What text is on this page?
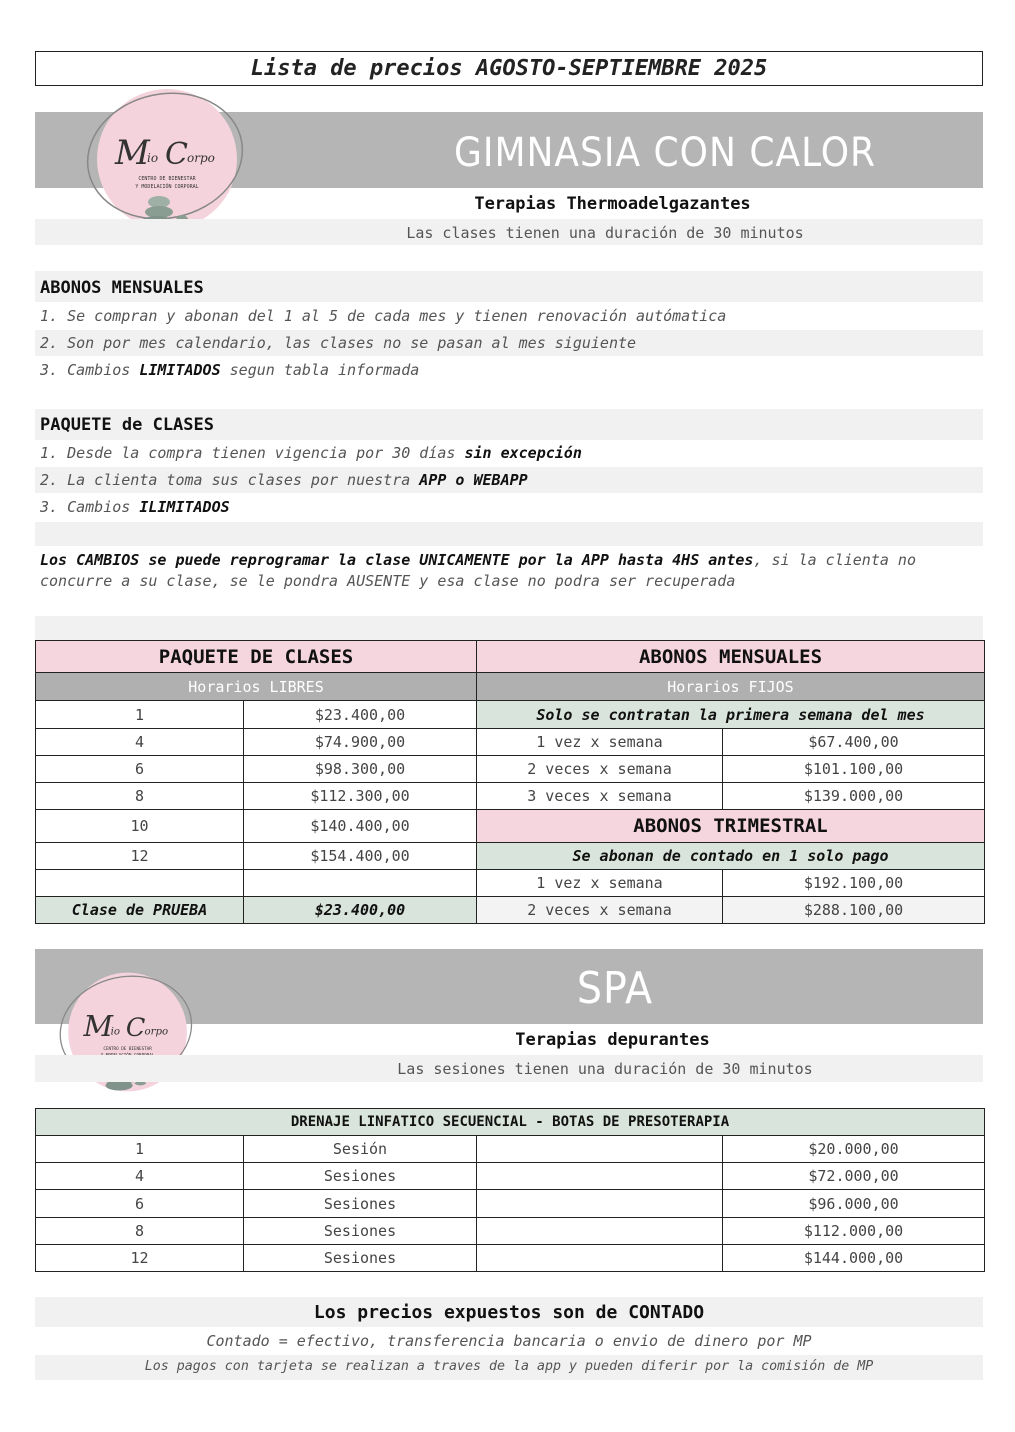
Lista de precios AGOSTO-SEPTIEMBRE 2025
GIMNASIA CON CALOR
M
io C orpo
CENTRO DE BIENESTAR
Y MODELACIÓN CORPORAL
Terapias Thermoadelgazantes
Las clases tienen una duración de 30 minutos
ABONOS MENSUALES
1. Se compran y abonan del 1 al 5 de cada mes y tienen renovación autómatica
2. Son por mes calendario, las clases no se pasan al mes siguiente
3. Cambios LIMITADOS segun tabla informada
PAQUETE de CLASES
1. Desde la compra tienen vigencia por 30 días sin excepción
2. La clienta toma sus clases por nuestra APP o WEBAPP
3. Cambios ILIMITADOS
Los CAMBIOS se puede reprogramar la clase UNICAMENTE por la APP hasta 4HS antes, si la clienta no concurre a su clase, se le pondra AUSENTE y esa clase no podra ser recuperada
PAQUETE DE CLASES		ABONOS MENSUALES	
Horarios LIBRES		Horarios FIJOS	
1	$23.400,00	Solo se contratan la primera semana del mes	
4	$74.900,00	1 vez x semana	$67.400,00
6	$98.300,00	2 veces x semana	$101.100,00
8	$112.300,00	3 veces x semana	$139.000,00
10	$140.400,00	ABONOS TRIMESTRAL	
12	$154.400,00	Se abonan de contado en 1 solo pago	
		1 vez x semana	$192.100,00
Clase de PRUEBA	$23.400,00	2 veces x semana	$288.100,00
SPA
M
io C orpo
CENTRO DE BIENESTAR	Terapias depurantes
Las sesiones tienen una duración de 30 minutos
DRENAJE LINFATICO SECUENCIAL - BOTAS DE PRESOTERAPIA			
1	Sesión		$20.000,00
4	Sesiones		$72.000,00
6	Sesiones		$96.000,00
8	Sesiones		$112.000,00
12	Sesiones		$144.000,00
Los precios expuestos son de CONTADO
Contado = efectivo, transferencia bancaria o envio de dinero por MP
Los pagos con tarjeta se realizan a traves de la app y pueden diferir por la comisión de MP
